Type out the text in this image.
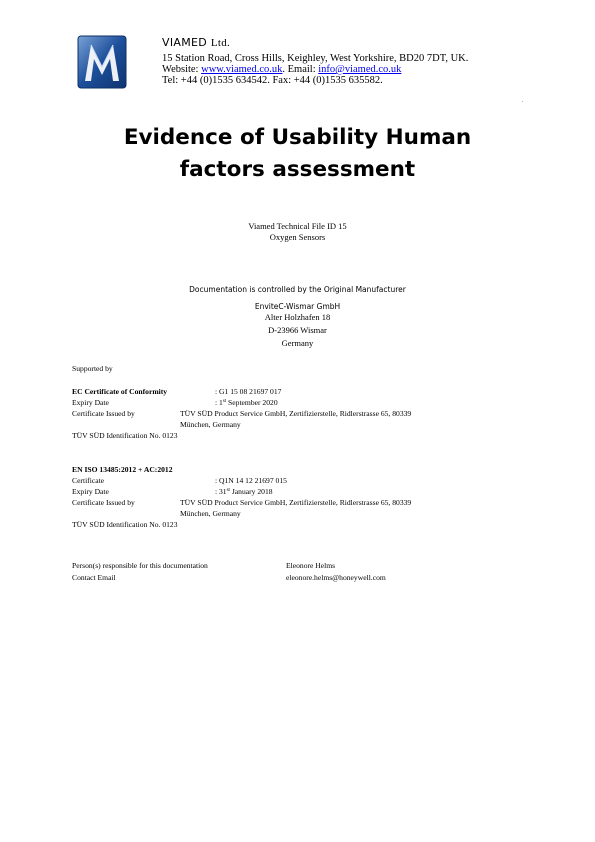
VIAMED Ltd.
15 Station Road, Cross Hills, Keighley, West Yorkshire, BD20 7DT, UK.
Website: www.viamed.co.uk. Email: info@viamed.co.uk
Tel: +44 (0)1535 634542. Fax: +44 (0)1535 635582.
.
Evidence of Usability Human
factors assessment
Viamed Technical File ID 15
Oxygen Sensors
Documentation is controlled by the Original Manufacturer
EnviteC-Wismar GmbH
Alter Holzhafen 18
D-23966 Wismar
Germany
Supported by
EC Certificate of Conformity	: G1 15 08 21697 017
Expiry Date	: 1st September 2020
Certificate Issued by	TÜV SÜD Product Service GmbH, Zertifizierstelle, Ridlerstrasse 65, 80339
München, Germany
TÜV SÜD Identification No. 0123
EN ISO 13485:2012 + AC:2012
Certificate	: Q1N 14 12 21697 015
Expiry Date	: 31st January 2018
Certificate Issued by	TÜV SÜD Product Service GmbH, Zertifizierstelle, Ridlerstrasse 65, 80339
München, Germany
TÜV SÜD Identification No. 0123
Person(s) responsible for this documentation	Eleonore Helms
Contact Email	eleonore.helms@honeywell.com
